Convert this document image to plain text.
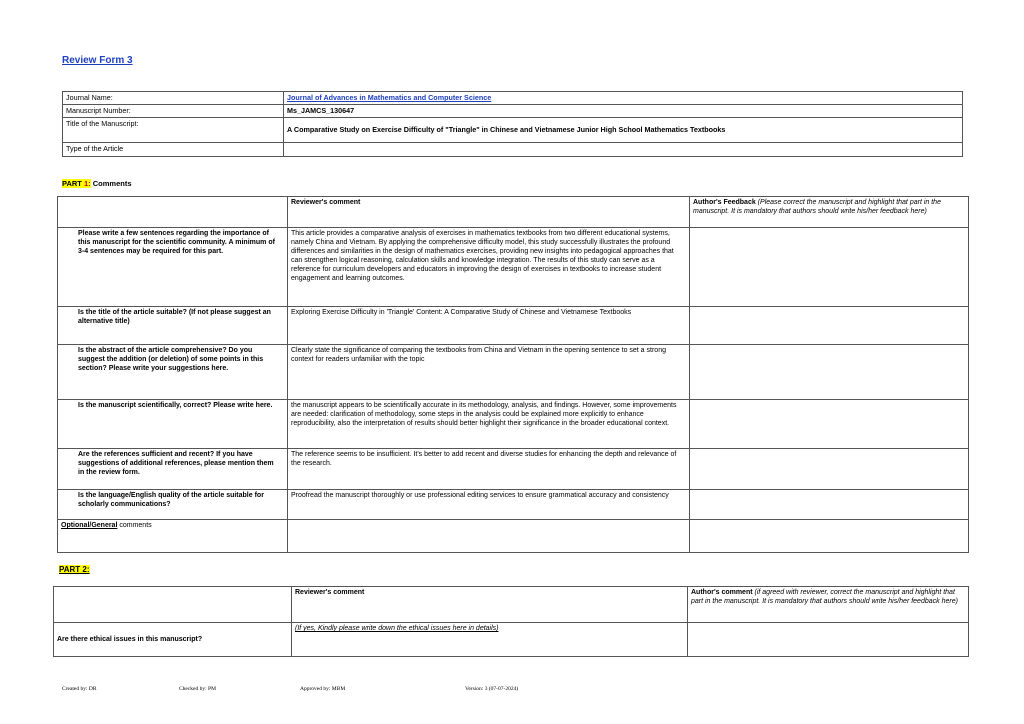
Review Form 3
Journal Name:	Journal of Advances in Mathematics and Computer Science
Manuscript Number:	Ms_JAMCS_130647
Title of the Manuscript:	A Comparative Study on Exercise Difficulty of "Triangle" in Chinese and Vietnamese Junior High School Mathematics Textbooks
Type of the Article	
PART 1: Comments
	Reviewer's comment	Author's Feedback (Please correct the manuscript and highlight that part in the manuscript. It is mandatory that authors should write his/her feedback here)
Please write a few sentences regarding the importance of this manuscript for the scientific community. A minimum of 3-4 sentences may be required for this part.	This article provides a comparative analysis of exercises in mathematics textbooks from two different educational systems, namely China and Vietnam. By applying the comprehensive difficulty model, this study successfully illustrates the profound differences and similarities in the design of mathematics exercises, providing new insights into pedagogical approaches that can strengthen logical reasoning, calculation skills and knowledge integration. The results of this study can serve as a reference for curriculum developers and educators in improving the design of exercises in textbooks to increase student engagement and learning outcomes.	
Is the title of the article suitable? (If not please suggest an alternative title)	Exploring Exercise Difficulty in 'Triangle' Content: A Comparative Study of Chinese and Vietnamese Textbooks	
Is the abstract of the article comprehensive? Do you suggest the addition (or deletion) of some points in this section? Please write your suggestions here.	Clearly state the significance of comparing the textbooks from China and Vietnam in the opening sentence to set a strong context for readers unfamiliar with the topic	
Is the manuscript scientifically, correct? Please write here.	the manuscript appears to be scientifically accurate in its methodology, analysis, and findings. However, some improvements are needed: clarification of methodology, some steps in the analysis could be explained more explicitly to enhance reproducibility, also the interpretation of results should better highlight their significance in the broader educational context.	
Are the references sufficient and recent? If you have suggestions of additional references, please mention them in the review form.	The reference seems to be insufficient. It's better to add recent and diverse studies for enhancing the depth and relevance of the research.	
Is the language/English quality of the article suitable for scholarly communications?	Proofread the manuscript thoroughly or use professional editing services to ensure grammatical accuracy and consistency	
Optional/General comments		
PART 2:
	Reviewer's comment	Author's comment (if agreed with reviewer, correct the manuscript and highlight that part in the manuscript. It is mandatory that authors should write his/her feedback here)
Are there ethical issues in this manuscript?	(If yes, Kindly please write down the ethical issues here in details)	
Created by: DR	Checked by: PM	Approved by: MBM	Version: 3 (07-07-2024)
